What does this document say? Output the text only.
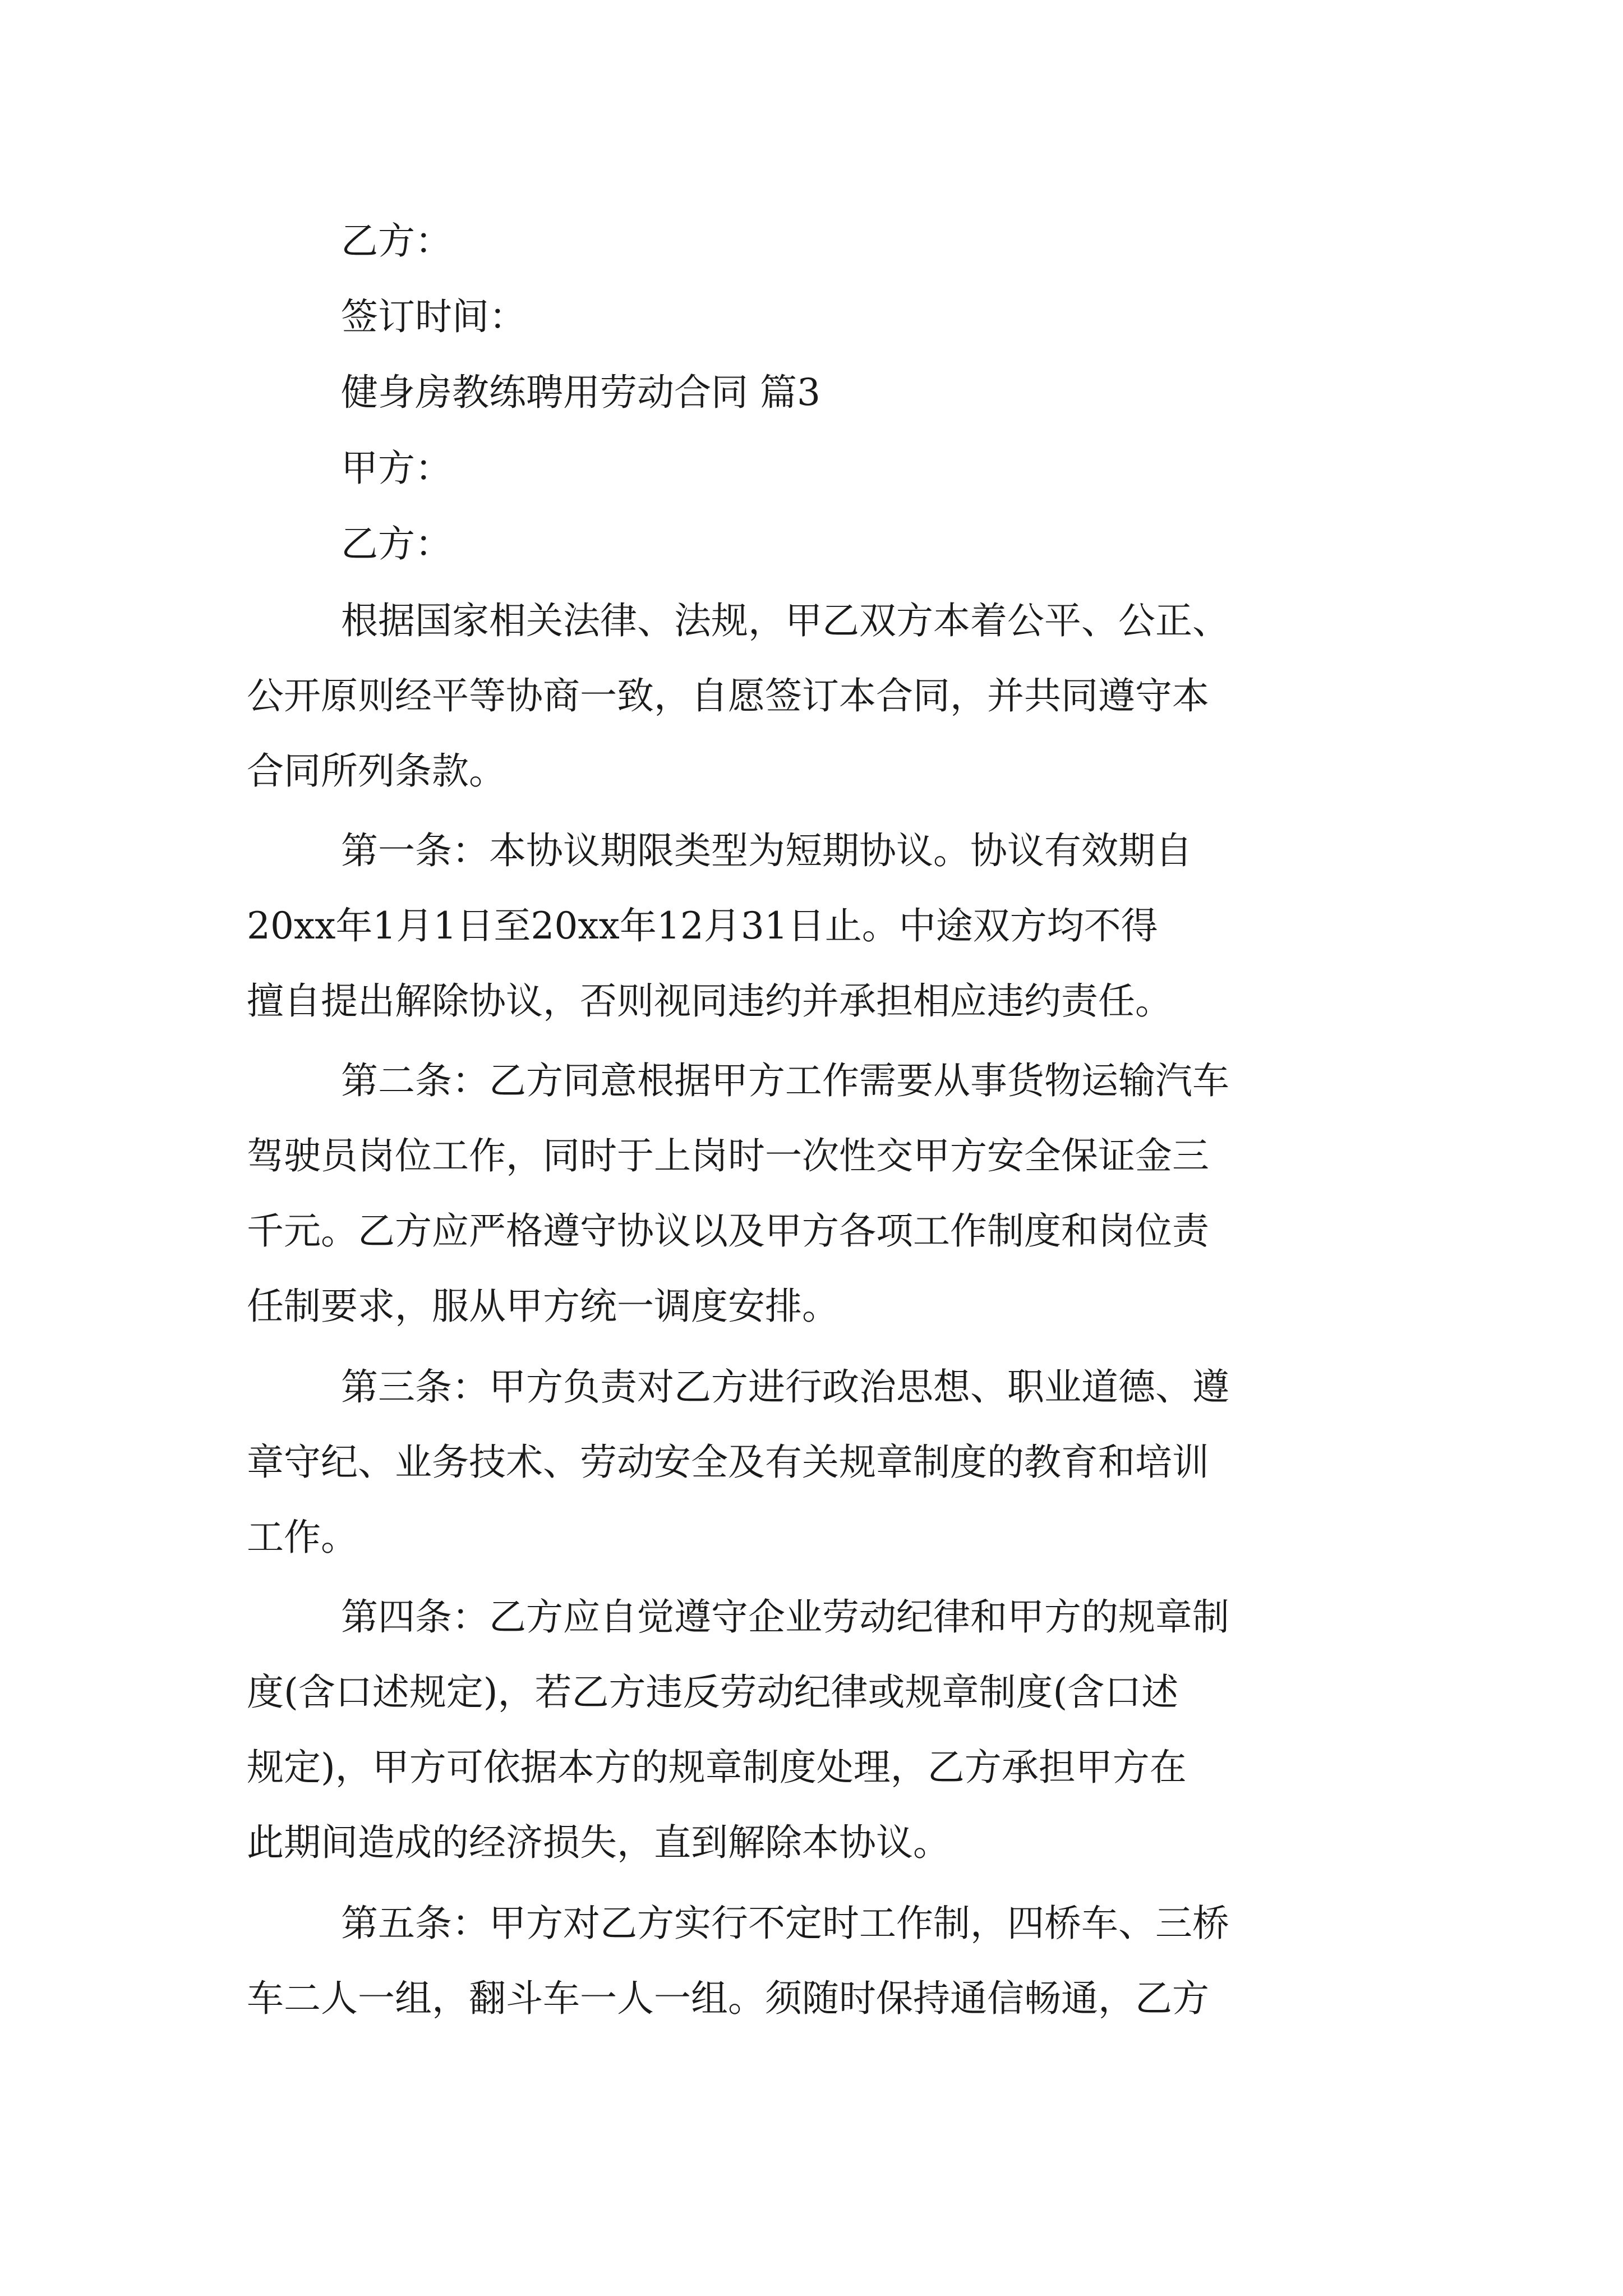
乙方：
签订时间：
健身房教练聘用劳动合同 篇3
甲方：
乙方：
根据国家相关法律、法规，甲乙双方本着公平、公正、
公开原则经平等协商一致，自愿签订本合同，并共同遵守本
合同所列条款。
第一条：本协议期限类型为短期协议。协议有效期自
20xx年1月1日至20xx年12月31日止。中途双方均不得
擅自提出解除协议，否则视同违约并承担相应违约责任。
第二条：乙方同意根据甲方工作需要从事货物运输汽车
驾驶员岗位工作，同时于上岗时一次性交甲方安全保证金三
千元。乙方应严格遵守协议以及甲方各项工作制度和岗位责
任制要求，服从甲方统一调度安排。
第三条：甲方负责对乙方进行政治思想、职业道德、遵
章守纪、业务技术、劳动安全及有关规章制度的教育和培训
工作。
第四条：乙方应自觉遵守企业劳动纪律和甲方的规章制
度(含口述规定)，若乙方违反劳动纪律或规章制度(含口述
规定)，甲方可依据本方的规章制度处理，乙方承担甲方在
此期间造成的经济损失，直到解除本协议。
第五条：甲方对乙方实行不定时工作制，四桥车、三桥
车二人一组，翻斗车一人一组。须随时保持通信畅通，乙方
